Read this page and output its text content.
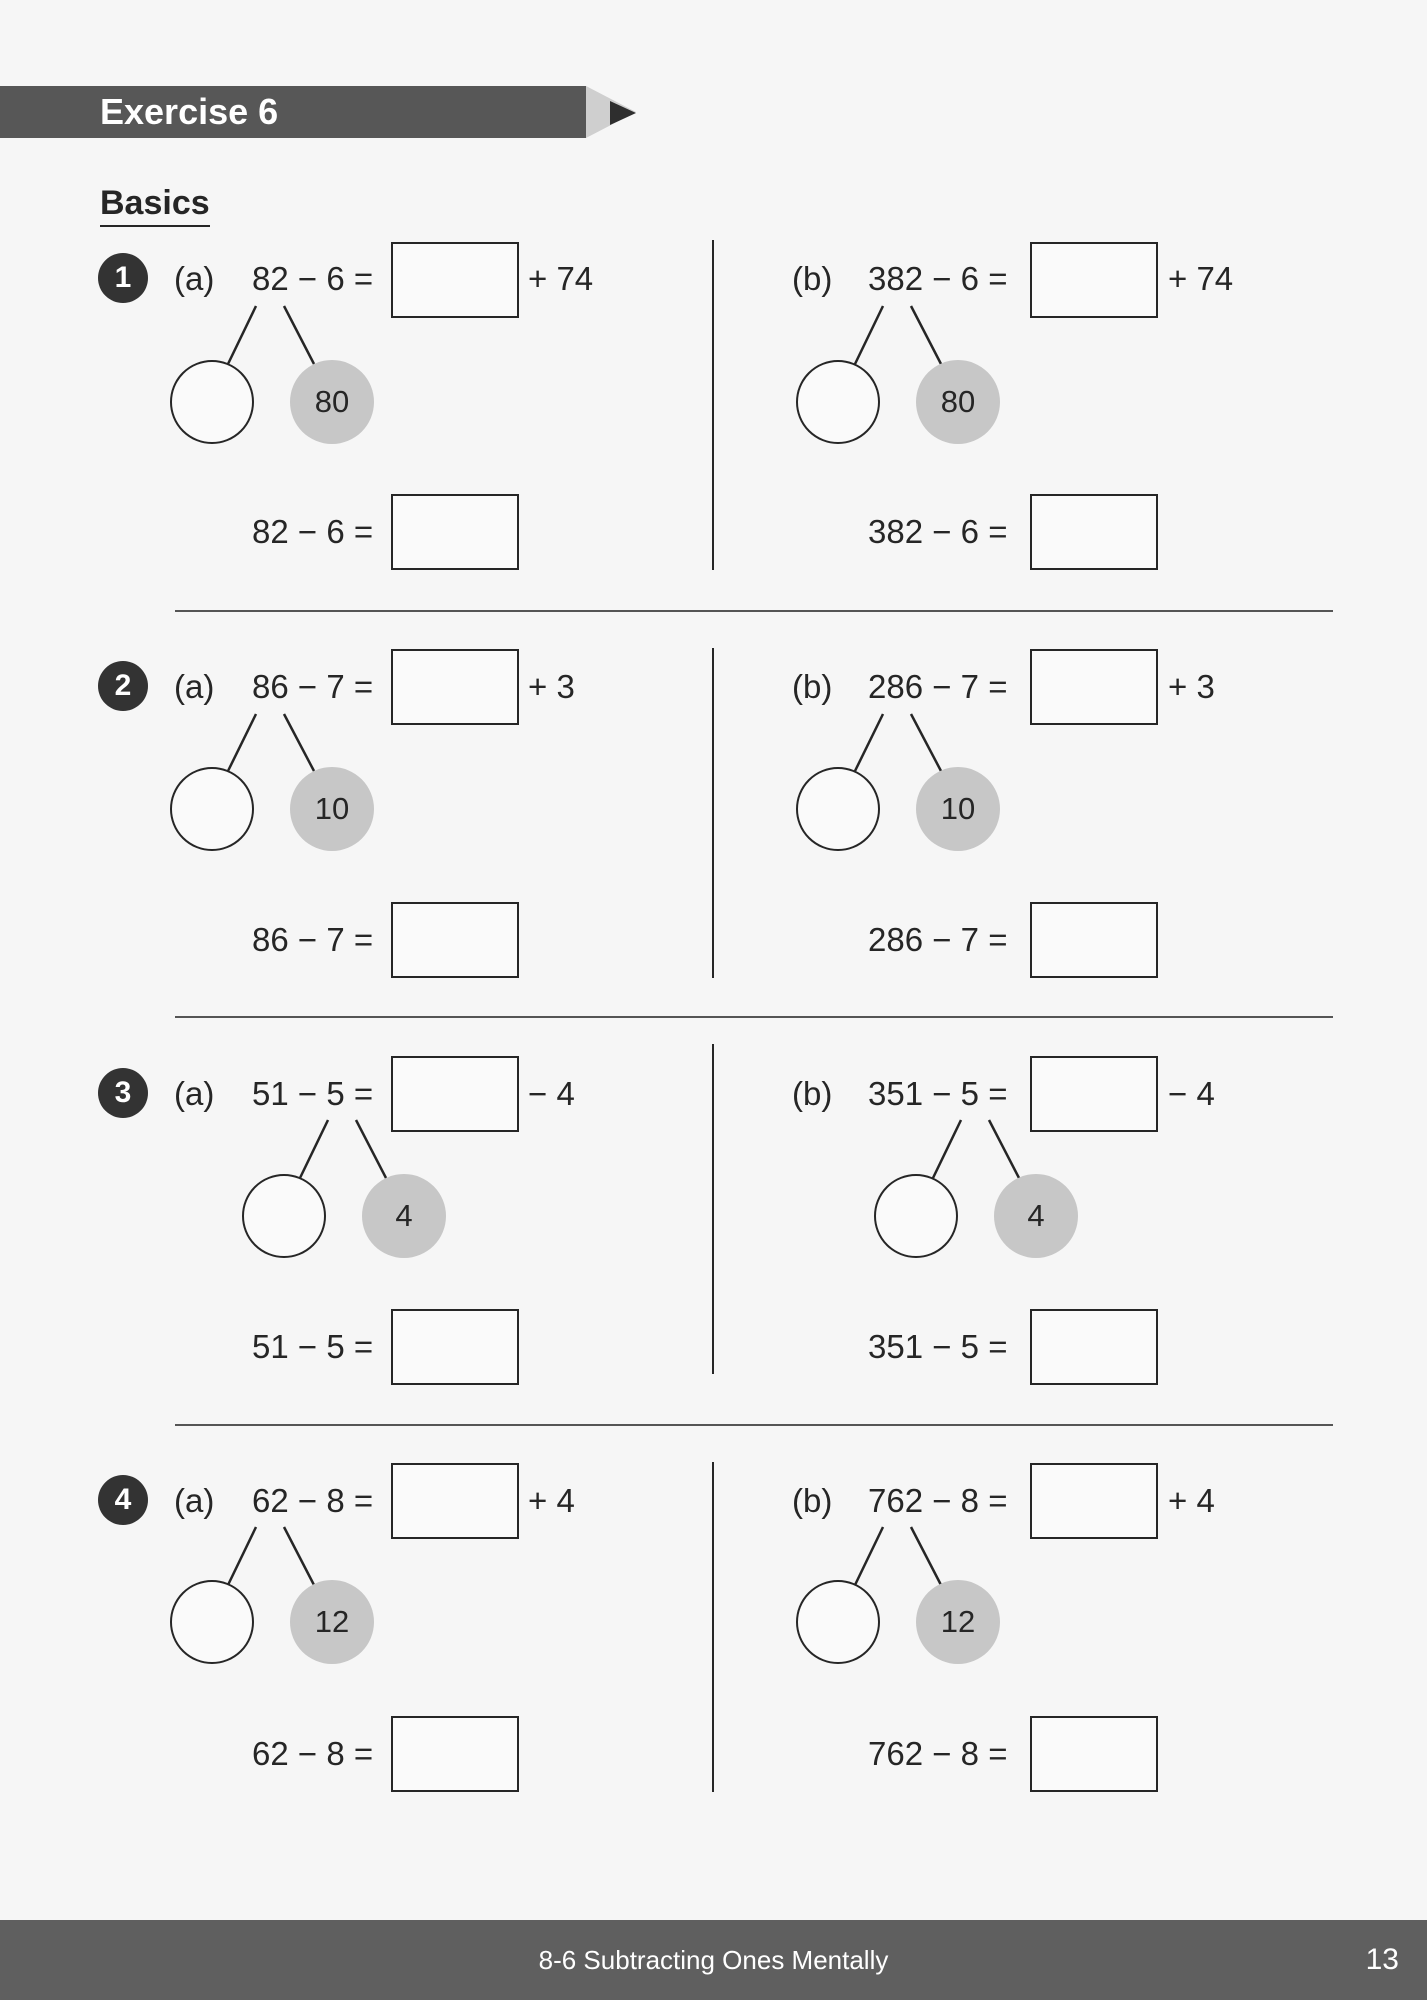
Exercise 6
Basics
1	(a) 82 − 6 =	+ 74
80
82 − 6 =
(b) 382 − 6 =	+ 74
80
382 − 6 =
2	(a) 86 − 7 =	+ 3
10
86 − 7 =
(b) 286 − 7 =	+ 3
10
286 − 7 =
3	(a) 51 − 5 =	− 4
4
51 − 5 =
(b) 351 − 5 =	− 4
4
351 − 5 =
4	(a) 62 − 8 =	+ 4
12
62 − 8 =
(b) 762 − 8 =	+ 4
12
762 − 8 =
8-6 Subtracting Ones Mentally	13
